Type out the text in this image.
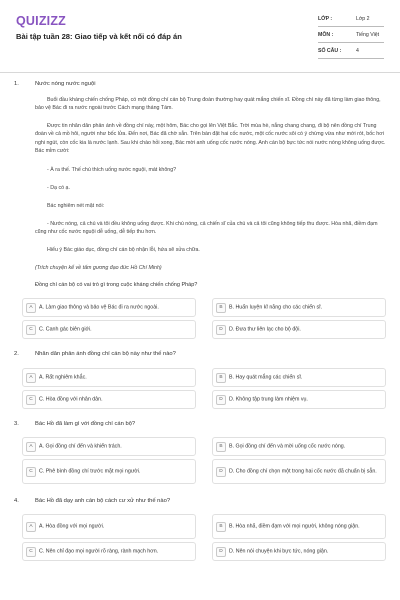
QUIZIZZ
Bài tập tuần 28: Giao tiếp và kết nối có đáp án
LỚP :	Lớp 2
MÔN :	Tiếng Việt
SỐ CÂU :	4
1.	Nước nóng nước nguội
Buổi đầu kháng chiến chống Pháp, có một đồng chí cán bộ Trung đoàn thường hay quát mắng chiến sĩ. Đồng chí này đã từng làm giao thông, bảo vệ Bác đi ra nước ngoài trước Cách mạng tháng Tám.
Được tin nhân dân phản ánh về đồng chí này, một hôm, Bác cho gọi lên Việt Bắc. Trời mùa hè, nắng chang chang, đi bộ nên đồng chí Trung đoàn về cả mồ hôi, người như bốc lửa. Đến nơi, Bác đã chờ sẵn. Trên bàn đặt hai cốc nước, một cốc nước sôi có ý chừng vừa như mới rót, bốc hơi nghi ngút, còn cốc kia là nước lạnh. Sau khi chào hỏi xong, Bác mời anh uống cốc nước nóng. Anh cán bộ bực tức nói nước nóng không uống được. Bác mỉm cười:
- À ra thế. Thế chú thích uống nước nguội, mát không?
- Dạ có ạ.
Bác nghiêm nét mặt nói:
- Nước nóng, cả chú và tôi đều không uống được. Khi chú nóng, cả chiến sĩ của chú và cả tôi cũng không tiếp thu được. Hòa nhã, điềm đạm cũng như cốc nước nguội dễ uống, dễ tiếp thu hơn.
Hiểu ý Bác giáo dục, đồng chí cán bộ nhận lỗi, hứa sẽ sửa chữa.
(Trích chuyện kể về tấm gương đạo đức Hồ Chí Minh)
Đồng chí cán bộ có vai trò gì trong cuộc kháng chiến chống Pháp?
A	A. Làm giao thông và bảo vệ Bác đi ra nước ngoài.	B	B. Huấn luyện kĩ năng cho các chiến sĩ.
C	C. Canh gác biên giới.	D	D. Đưa thư liên lạc cho bộ đội.
2.	Nhân dân phản ánh đồng chí cán bộ này như thế nào?
A	A. Rất nghiêm khắc.	B	B. Hay quát mắng các chiến sĩ.
C	C. Hòa đồng với nhân dân.	D	D. Không tập trung làm nhiệm vụ.
3.	Bác Hồ đã làm gì với đồng chí cán bộ?
A	A. Gọi đồng chí đến và khiển trách.	B	B. Gọi đồng chí đến và mời uống cốc nước nóng.
C	C. Phê bình đồng chí trước mặt mọi người.	D	D. Cho đồng chí chọn một trong hai cốc nước đã chuẩn bị sẵn.
4.	Bác Hồ đã dạy anh cán bộ cách cư xử như thế nào?
A	A. Hòa đồng với mọi người.	B	B. Hòa nhã, điềm đạm với mọi người, không nóng giận.
C	C. Nên chỉ đạo mọi người rõ ràng, rành mạch hơn.	D	D. Nên nói chuyện khi bực tức, nóng giận.
